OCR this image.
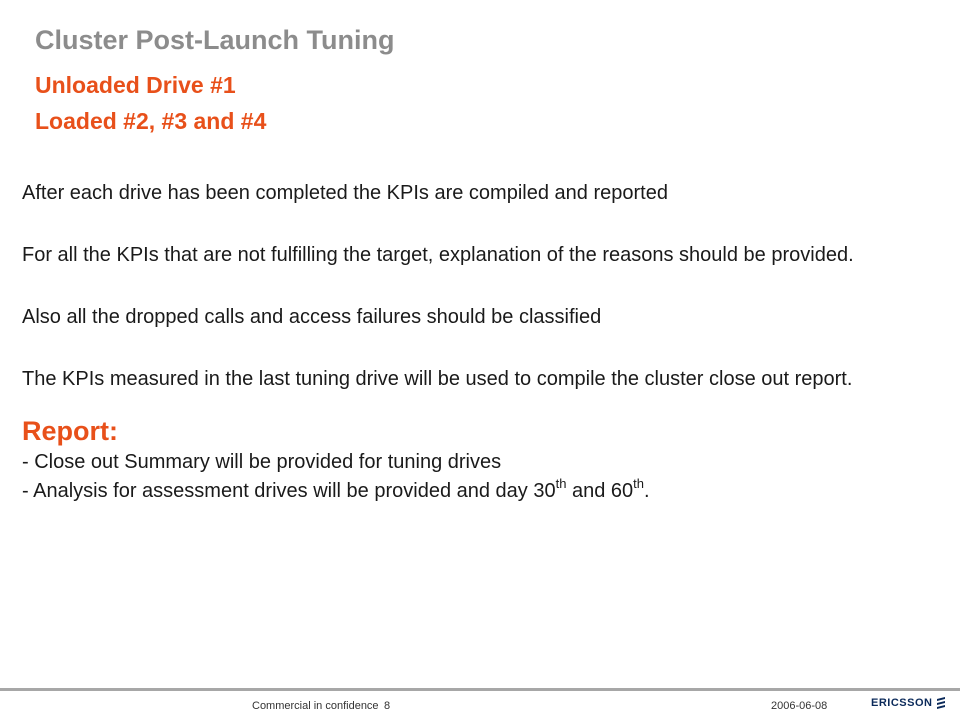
Cluster Post-Launch Tuning
Unloaded Drive #1
Loaded #2, #3 and #4

After each drive has been completed the KPIs are compiled and reported

For all the KPIs that are not fulfilling the target, explanation of the reasons should be provided.

Also all the dropped calls and access failures should be classified

The KPIs measured in the last tuning drive will be used to compile the cluster close out report.

Report:

- Close out Summary will be provided for tuning drives

- Analysis for assessment drives will be provided and day 30th and 60th.

Commercial in confidence 8	2006-06-08	ERICSSON
